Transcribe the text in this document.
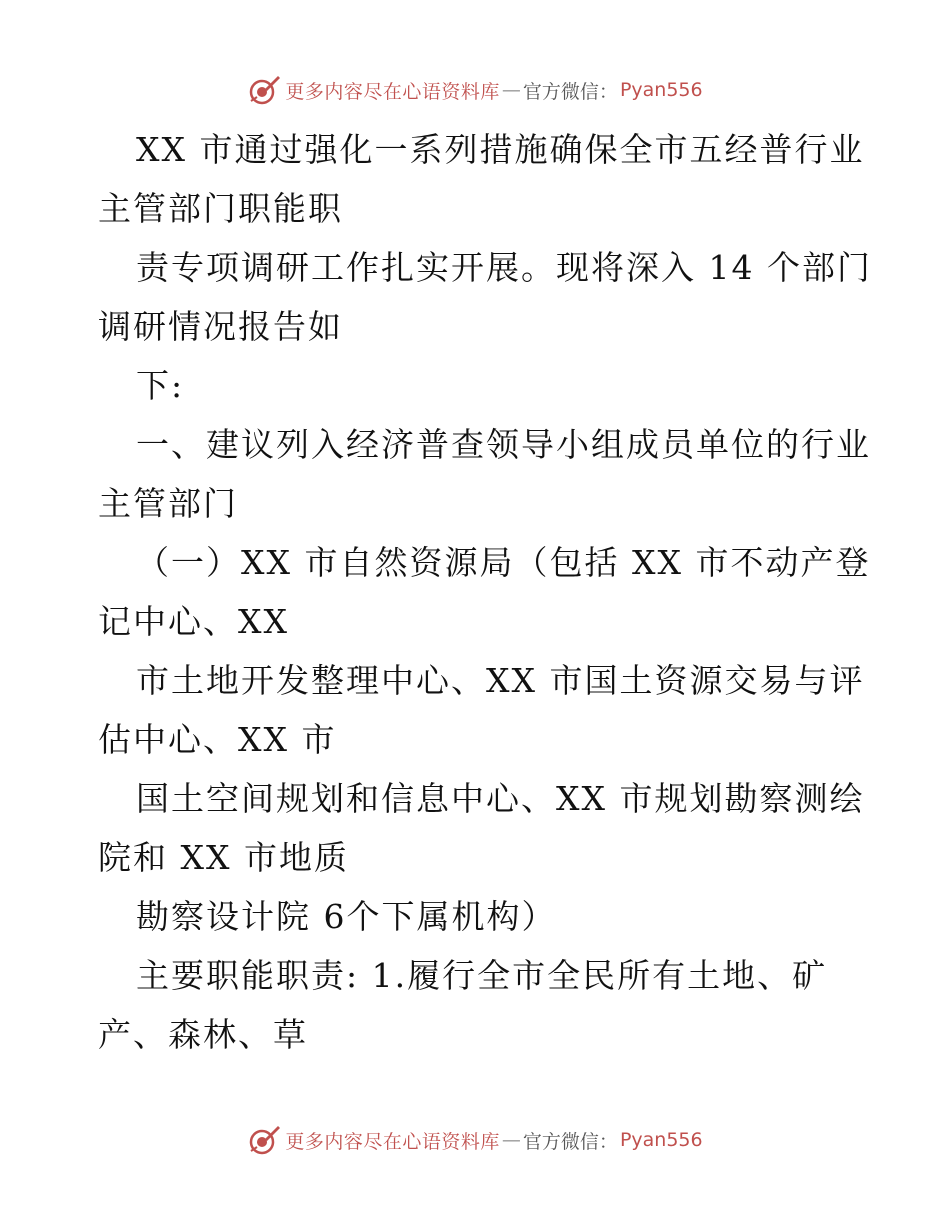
更多内容尽在心语资料库 — 官方微信： Pyan556
XX 市通过强化一系列措施确保全市五经普行业
主管部门职能职
责专项调研工作扎实开展。现将深入 14 个部门
调研情况报告如
下:
一、建议列入经济普查领导小组成员单位的行业
主管部门
（一）XX 市自然资源局（包括 XX 市不动产登
记中心、XX
市土地开发整理中心、XX 市国土资源交易与评
估中心、XX 市
国土空间规划和信息中心、XX 市规划勘察测绘
院和 XX 市地质
勘察设计院 6个下属机构）
主要职能职责: 1.履行全市全民所有土地、矿
产、森林、草
更多内容尽在心语资料库 — 官方微信： Pyan556
